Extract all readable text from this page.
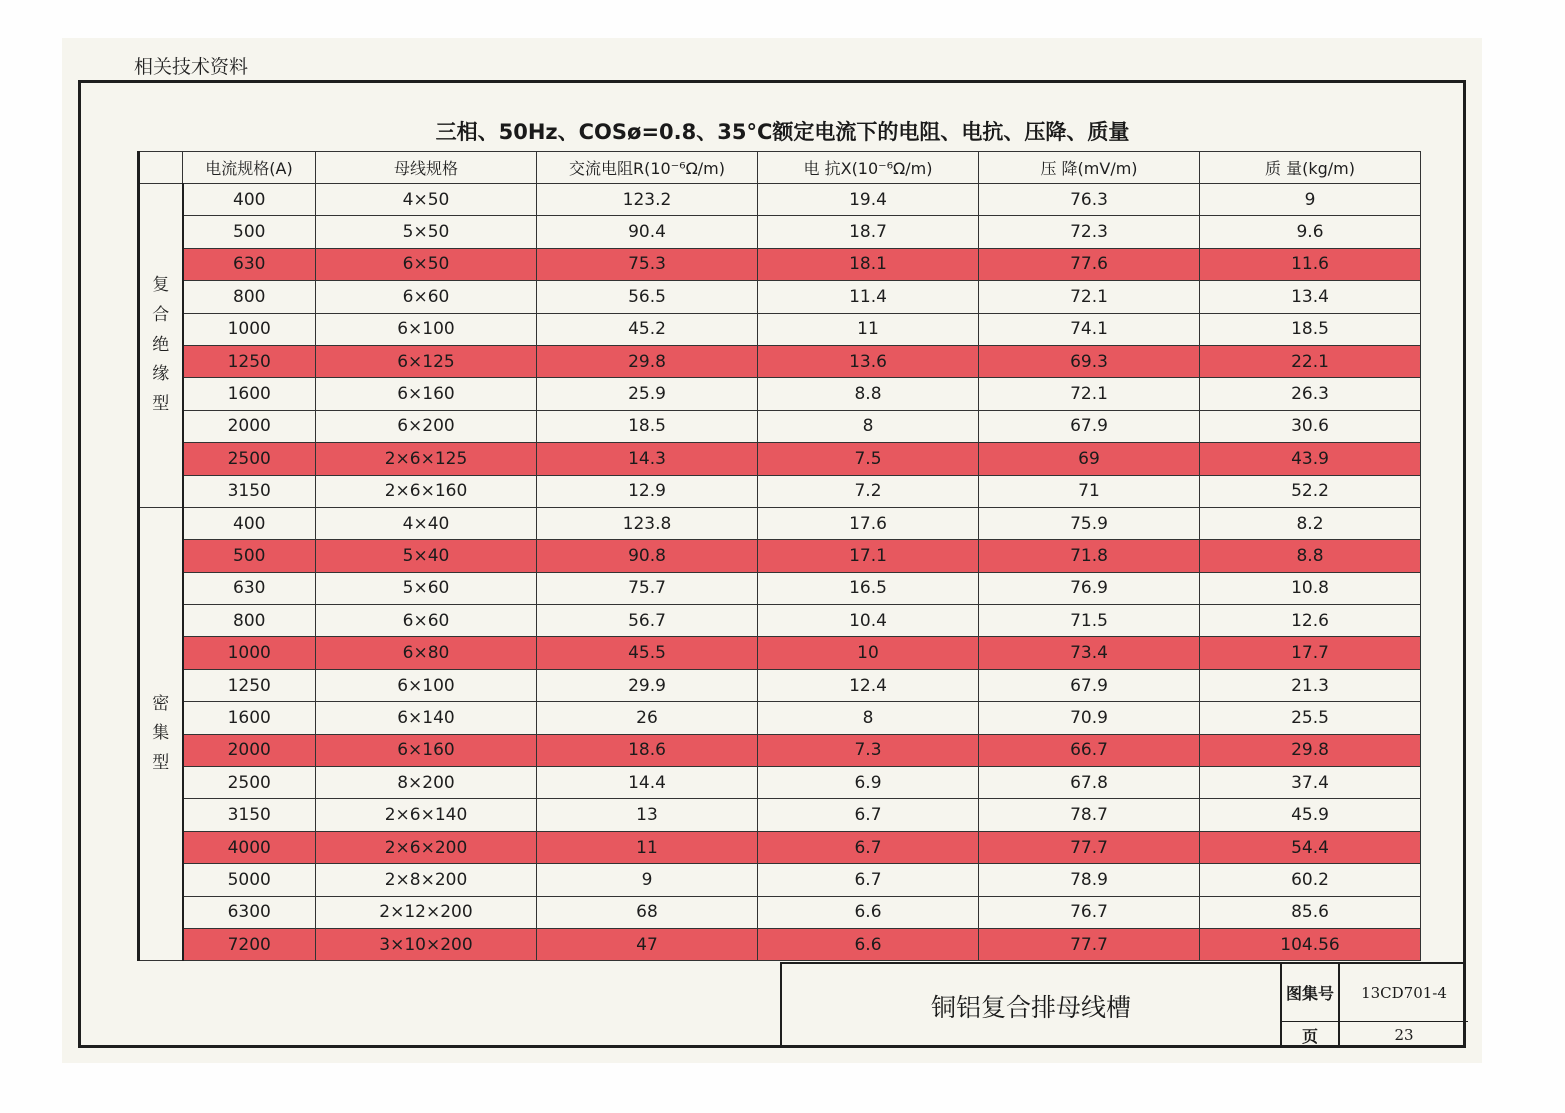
相关技术资料
三相、50Hz、COSø=0.8、35°C额定电流下的电阻、电抗、压降、质量
	电流规格(A)	母线规格	交流电阻R(10⁻⁶Ω/m)	电 抗X(10⁻⁶Ω/m)	压 降(mV/m)	质 量(kg/m)

复合绝缘型	400	4×50	123.2	19.4	76.3	9
	500	5×50	90.4	18.7	72.3	9.6
	630	6×50	75.3	18.1	77.6	11.6
	800	6×60	56.5	11.4	72.1	13.4
	1000	6×100	45.2	11	74.1	18.5
	1250	6×125	29.8	13.6	69.3	22.1
	1600	6×160	25.9	8.8	72.1	26.3
	2000	6×200	18.5	8	67.9	30.6
	2500	2×6×125	14.3	7.5	69	43.9
	3150	2×6×160	12.9	7.2	71	52.2

密集型	400	4×40	123.8	17.6	75.9	8.2
	500	5×40	90.8	17.1	71.8	8.8
	630	5×60	75.7	16.5	76.9	10.8
	800	6×60	56.7	10.4	71.5	12.6
	1000	6×80	45.5	10	73.4	17.7
	1250	6×100	29.9	12.4	67.9	21.3
	1600	6×140	26	8	70.9	25.5
	2000	6×160	18.6	7.3	66.7	29.8
	2500	8×200	14.4	6.9	67.8	37.4
	3150	2×6×140	13	6.7	78.7	45.9
	4000	2×6×200	11	6.7	77.7	54.4
	5000	2×8×200	9	6.7	78.9	60.2
	6300	2×12×200	68	6.6	76.7	85.6
	7200	3×10×200	47	6.6	77.7	104.56
铜铝复合排母线槽	图集号	13CD701-4
页	23
